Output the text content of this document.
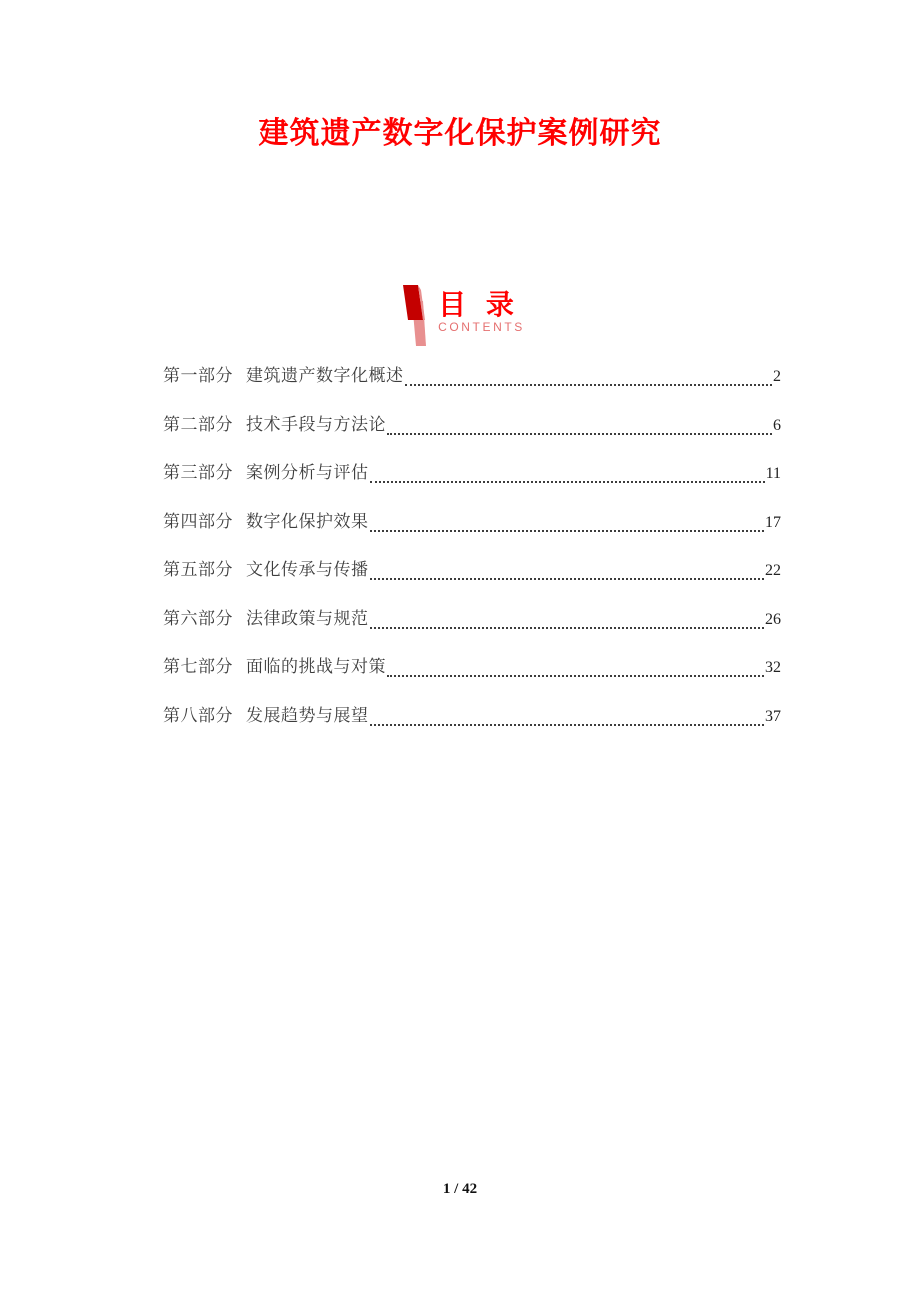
建筑遗产数字化保护案例研究
目 录
CONTENTS
第一部分 建筑遗产数字化概述	2
第二部分 技术手段与方法论	6
第三部分 案例分析与评估	11
第四部分 数字化保护效果	17
第五部分 文化传承与传播	22
第六部分 法律政策与规范	26
第七部分 面临的挑战与对策	32
第八部分 发展趋势与展望	37
1 / 42
